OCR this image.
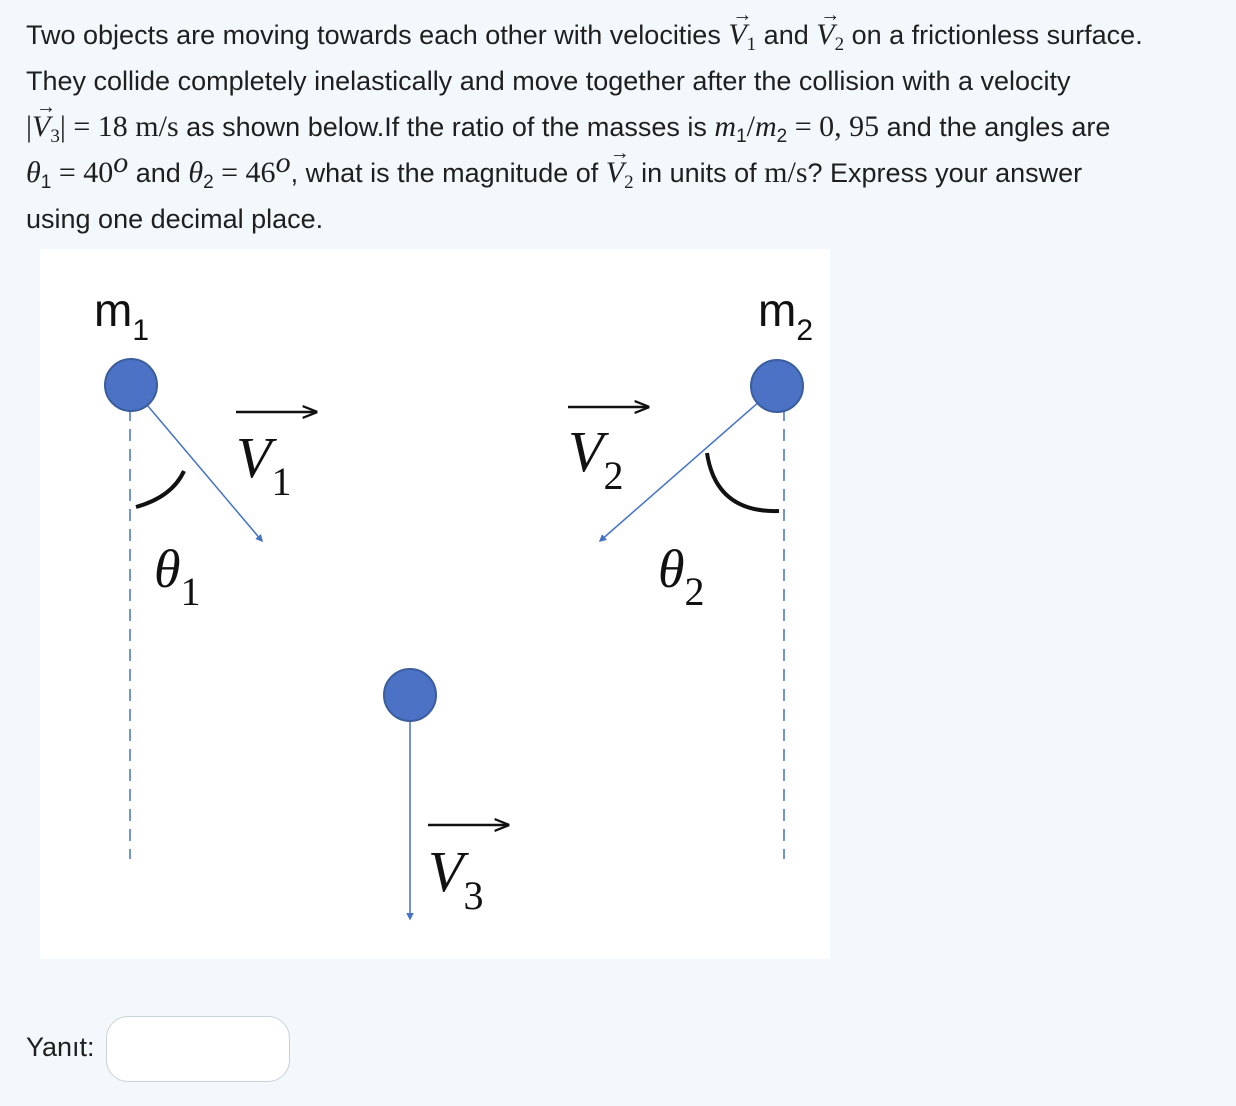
Two objects are moving towards each other with velocities → $V_1$ and → $V_2$ on a frictionless surface.
They collide completely inelastically and move together after the collision with a velocity
|→ $V_3| = 18$ m/s as shown below.If the ratio of the masses is $m_1/m_2 = 0$, 95 and the angles are
$\theta_1 = 40^o$ and $\theta_2 = 46^o$, what is the magnitude of → $V_2$ in units of m/s? Express your answer
using one decimal place.
$m_1$	$m_2$
$V_1$	$V_2$
$V_3$
$\theta_1$	$\theta_2$
Yanıt:
